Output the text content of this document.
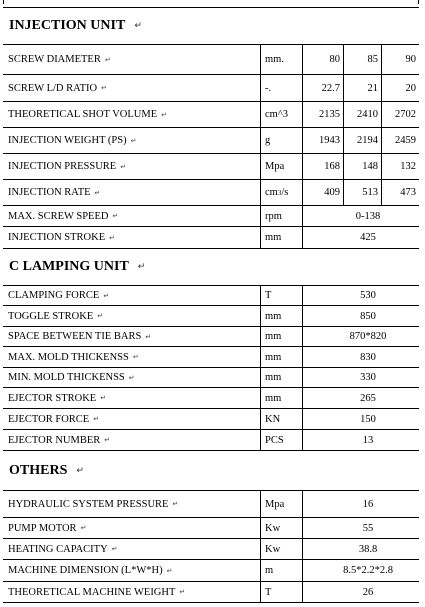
INJECTION UNIT ↵
SCREW DIAMETER ↵	mm.	80	85	90
SCREW L/D RATIO ↵	-.	22.7	21	20
THEORETICAL SHOT VOLUME ↵	cm^3	2135 2410 2702
INJECTION WEIGHT (PS) ↵	g	1943 2194 2459
INJECTION PRESSURE ↵	Mpa	168 148 132
INJECTION RATE ↵	cm 3 /s	409 513 473
MAX. SCREW SPEED ↵	rpm	0-138
INJECTION STROKE ↵	mm	425
C LAMPING UNIT ↵
CLAMPING FORCE ↵	T	530
TOGGLE STROKE ↵	mm	850
SPACE BETWEEN TIE BARS ↵	mm	870*820
MAX. MOLD THICKENSS ↵	mm	830
MIN. MOLD THICKENSS ↵	mm	330
EJECTOR STROKE ↵	mm	265
EJECTOR FORCE ↵	KN	150
EJECTOR NUMBER ↵	PCS	13
OTHERS ↵
HYDRAULIC SYSTEM PRESSURE ↵	Mpa	16
PUMP MOTOR ↵	Kw	55
HEATING CAPACITY ↵	Kw	38.8
MACHINE DIMENSION (L*W*H) ↵	m	8.5*2.2*2.8
THEORETICAL MACHINE WEIGHT ↵	T	26
